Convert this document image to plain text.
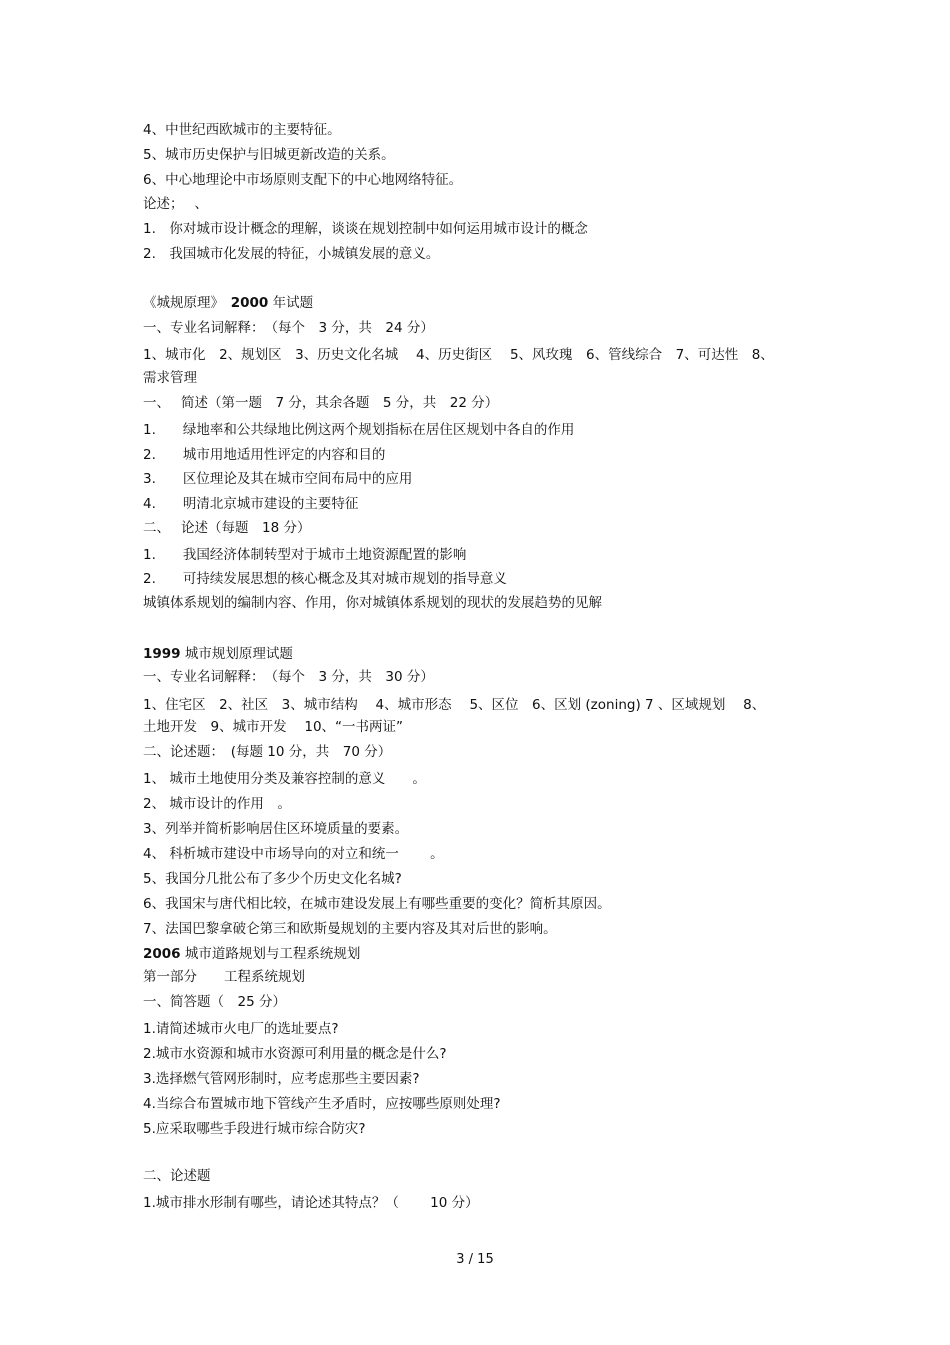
4、中世纪西欧城市的主要特征。
5、城市历史保护与旧城更新改造的关系。
6、中心地理论中市场原则支配下的中心地网络特征。
论述；　 、
1.　你对城市设计概念的理解，谈谈在规划控制中如何运用城市设计的概念
2.　我国城市化发展的特征，小城镇发展的意义。
《城规原理》　2000 年试题
一、专业名词解释：　（每个　3 分，共　24 分）
1、城市化　2、规划区　3、历史文化名城　 4、历史街区　 5、风玫瑰　6、管线综合　7、可达性　8、
需求管理
一、　 简述（第一题　7 分，其余各题　5 分，共　22 分）
1.　　绿地率和公共绿地比例这两个规划指标在居住区规划中各自的作用
2.　　城市用地适用性评定的内容和目的
3.　　区位理论及其在城市空间布局中的应用
4.　　明清北京城市建设的主要特征
二、　 论述（每题　18 分）
1.　　我国经济体制转型对于城市土地资源配置的影响
2.　　可持续发展思想的核心概念及其对城市规划的指导意义
城镇体系规划的编制内容、作用，你对城镇体系规划的现状的发展趋势的见解
1999 城市规划原理试题
一、专业名词解释：　（每个　3 分，共　30 分）
1、住宅区　2、社区　3、城市结构　 4、城市形态　 5、区位　6、区划 (zoning) 7 、区域规划　 8、
土地开发　9、城市开发　 10、“一书两证”
二、论述题：　(每题 10 分，共　70 分）
1、 城市土地使用分类及兼容控制的意义　　。
2、 城市设计的作用　。
3、列举并简析影响居住区环境质量的要素。
4、 科析城市建设中市场导向的对立和统一　　 。
5、我国分几批公布了多少个历史文化名城?
6、我国宋与唐代相比较，在城市建设发展上有哪些重要的变化？简析其原因。
7、法国巴黎拿破仑第三和欧斯曼规划的主要内容及其对后世的影响。
2006 城市道路规划与工程系统规划
第一部分　　工程系统规划
一、简答题（　25 分）
1.请简述城市火电厂的选址要点?
2.城市水资源和城市水资源可利用量的概念是什么?
3.选择燃气管网形制时，应考虑那些主要因素?
4.当综合布置城市地下管线产生矛盾时，应按哪些原则处理?
5.应采取哪些手段进行城市综合防灾?
二、论述题
1.城市排水形制有哪些，请论述其特点？（　　 10 分）
3 / 15
